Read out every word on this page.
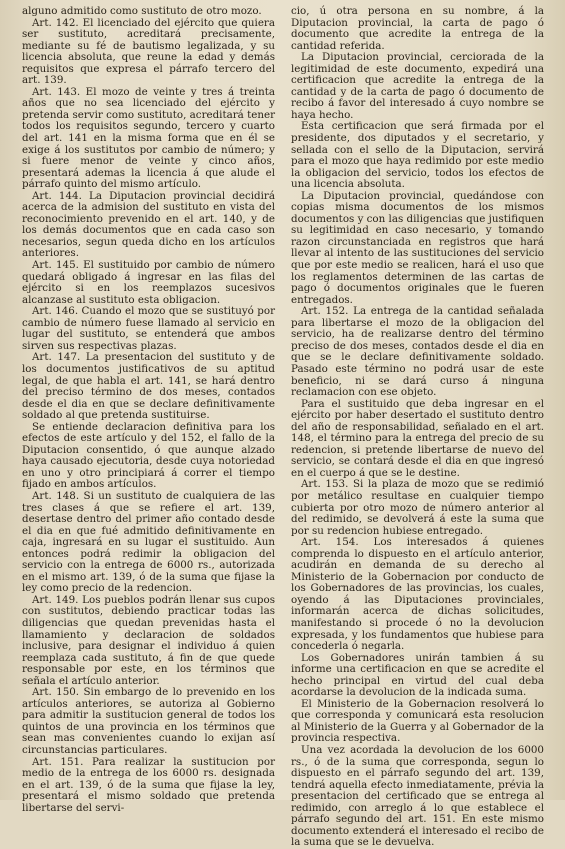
alguno admitido como sustituto de otro mozo.

Art. 142. El licenciado del ejército que quiera ser sustituto, acreditará precisamente, mediante su fé de bautismo legalizada, y su licencia absoluta, que reune la edad y demás requisitos que expresa el párrafo tercero del art. 139.

Art. 143. El mozo de veinte y tres á treinta años que no sea licenciado del ejército y pretenda servir como sustituto, acreditará tener todos los requisitos segundo, tercero y cuarto del art. 141 en la misma forma que en él se exige á los sustitutos por cambio de número; y si fuere menor de veinte y cinco años, presentará ademas la licencia á que alude el párrafo quinto del mismo artículo.

Art. 144. La Diputacion provincial decidirá acerca de la admision del sustituto en vista del reconocimiento prevenido en el art. 140, y de los demás documentos que en cada caso son necesarios, segun queda dicho en los artículos anteriores.

Art. 145. El sustituido por cambio de número quedará obligado á ingresar en las filas del ejército si en los reemplazos sucesivos alcanzase al sustituto esta obligacion.

Art. 146. Cuando el mozo que se sustituyó por cambio de número fuese llamado al servicio en lugar del sustituto, se entenderá que ambos sirven sus respectivas plazas.

Art. 147. La presentacion del sustituto y de los documentos justificativos de su aptitud legal, de que habla el art. 141, se hará dentro del preciso término de dos meses, contados desde el dia en que se declare definitivamente soldado al que pretenda sustituirse.

Se entiende declaracion definitiva para los efectos de este artículo y del 152, el fallo de la Diputacion consentido, ó que aunque alzado haya causado ejecutoria, desde cuya notoriedad en uno y otro principiará á correr el tiempo fijado en ambos artículos.

Art. 148. Si un sustituto de cualquiera de las tres clases á que se refiere el art. 139, desertase dentro del primer año contado desde el dia en que fué admitido definitivamente en caja, ingresará en su lugar el sustituido. Aun entonces podrá redimir la obligacion del servicio con la entrega de 6000 rs., autorizada en el mismo art. 139, ó de la suma que fijase la ley como precio de la redencion.

Art. 149. Los pueblos podrán llenar sus cupos con sustitutos, debiendo practicar todas las diligencias que quedan prevenidas hasta el llamamiento y declaracion de soldados inclusive, para designar el individuo á quien reemplaza cada sustituto, á fin de que quede responsable por este, en los términos que señala el artículo anterior.

Art. 150. Sin embargo de lo prevenido en los artículos anteriores, se autoriza al Gobierno para admitir la sustitucion general de todos los quintos de una provincia en los términos que sean mas convenientes cuando lo exijan así circunstancias particulares.

Art. 151. Para realizar la sustitucion por medio de la entrega de los 6000 rs. designada en el art. 139, ó de la suma que fijase la ley, presentará el mismo soldado que pretenda libertarse del servi-

cio, ú otra persona en su nombre, á la Diputacion provincial, la carta de pago ó documento que acredite la entrega de la cantidad referida.

La Diputacion provincial, cerciorada de la legitimidad de este documento, expedirá una certificacion que acredite la entrega de la cantidad y de la carta de pago ó documento de recibo á favor del interesado á cuyo nombre se haya hecho.

Esta certificacion que será firmada por el presidente, dos diputados y el secretario, y sellada con el sello de la Diputacion, servirá para el mozo que haya redimido por este medio la obligacion del servicio, todos los efectos de una licencia absoluta.

La Diputacion provincial, quedándose con copias misma documentos de los mismos documentos y con las diligencias que justifiquen su legitimidad en caso necesario, y tomando razon circunstanciada en registros que hará llevar al intento de las sustituciones del servicio que por este medio se realicen, hará el uso que los reglamentos determinen de las cartas de pago ó documentos originales que le fueren entregados.

Art. 152. La entrega de la cantidad señalada para libertarse el mozo de la obligacion del servicio, ha de realizarse dentro del término preciso de dos meses, contados desde el dia en que se le declare definitivamente soldado. Pasado este término no podrá usar de este beneficio, ni se dará curso á ninguna reclamacion con ese objeto.

Para el sustituido que deba ingresar en el ejército por haber desertado el sustituto dentro del año de responsabilidad, señalado en el art. 148, el término para la entrega del precio de su redencion, si pretende libertarse de nuevo del servicio, se contará desde el dia en que ingresó en el cuerpo á que se le destine.

Art. 153. Si la plaza de mozo que se redimió por metálico resultase en cualquier tiempo cubierta por otro mozo de número anterior al del redimido, se devolverá á este la suma que por su redencion hubiese entregado.

Art. 154. Los interesados á quienes comprenda lo dispuesto en el artículo anterior, acudirán en demanda de su derecho al Ministerio de la Gobernacion por conducto de los Gobernadores de las provincias, los cuales, oyendo á las Diputaciones provinciales, informarán acerca de dichas solicitudes, manifestando si procede ó no la devolucion expresada, y los fundamentos que hubiese para concederla ó negarla.

Los Gobernadores unirán tambien á su informe una certificacion en que se acredite el hecho principal en virtud del cual deba acordarse la devolucion de la indicada suma.

El Ministerio de la Gobernacion resolverá lo que corresponda y comunicará esta resolucion al Ministerio de la Guerra y al Gobernador de la provincia respectiva.

Una vez acordada la devolucion de los 6000 rs., ó de la suma que corresponda, segun lo dispuesto en el párrafo segundo del art. 139, tendrá aquella efecto inmediatamente, prévia la presentacion del certificado que se entrega al redimido, con arreglo á lo que establece el párrafo segundo del art. 151. En este mismo documento extenderá el interesado el recibo de la suma que se le devuelva.
